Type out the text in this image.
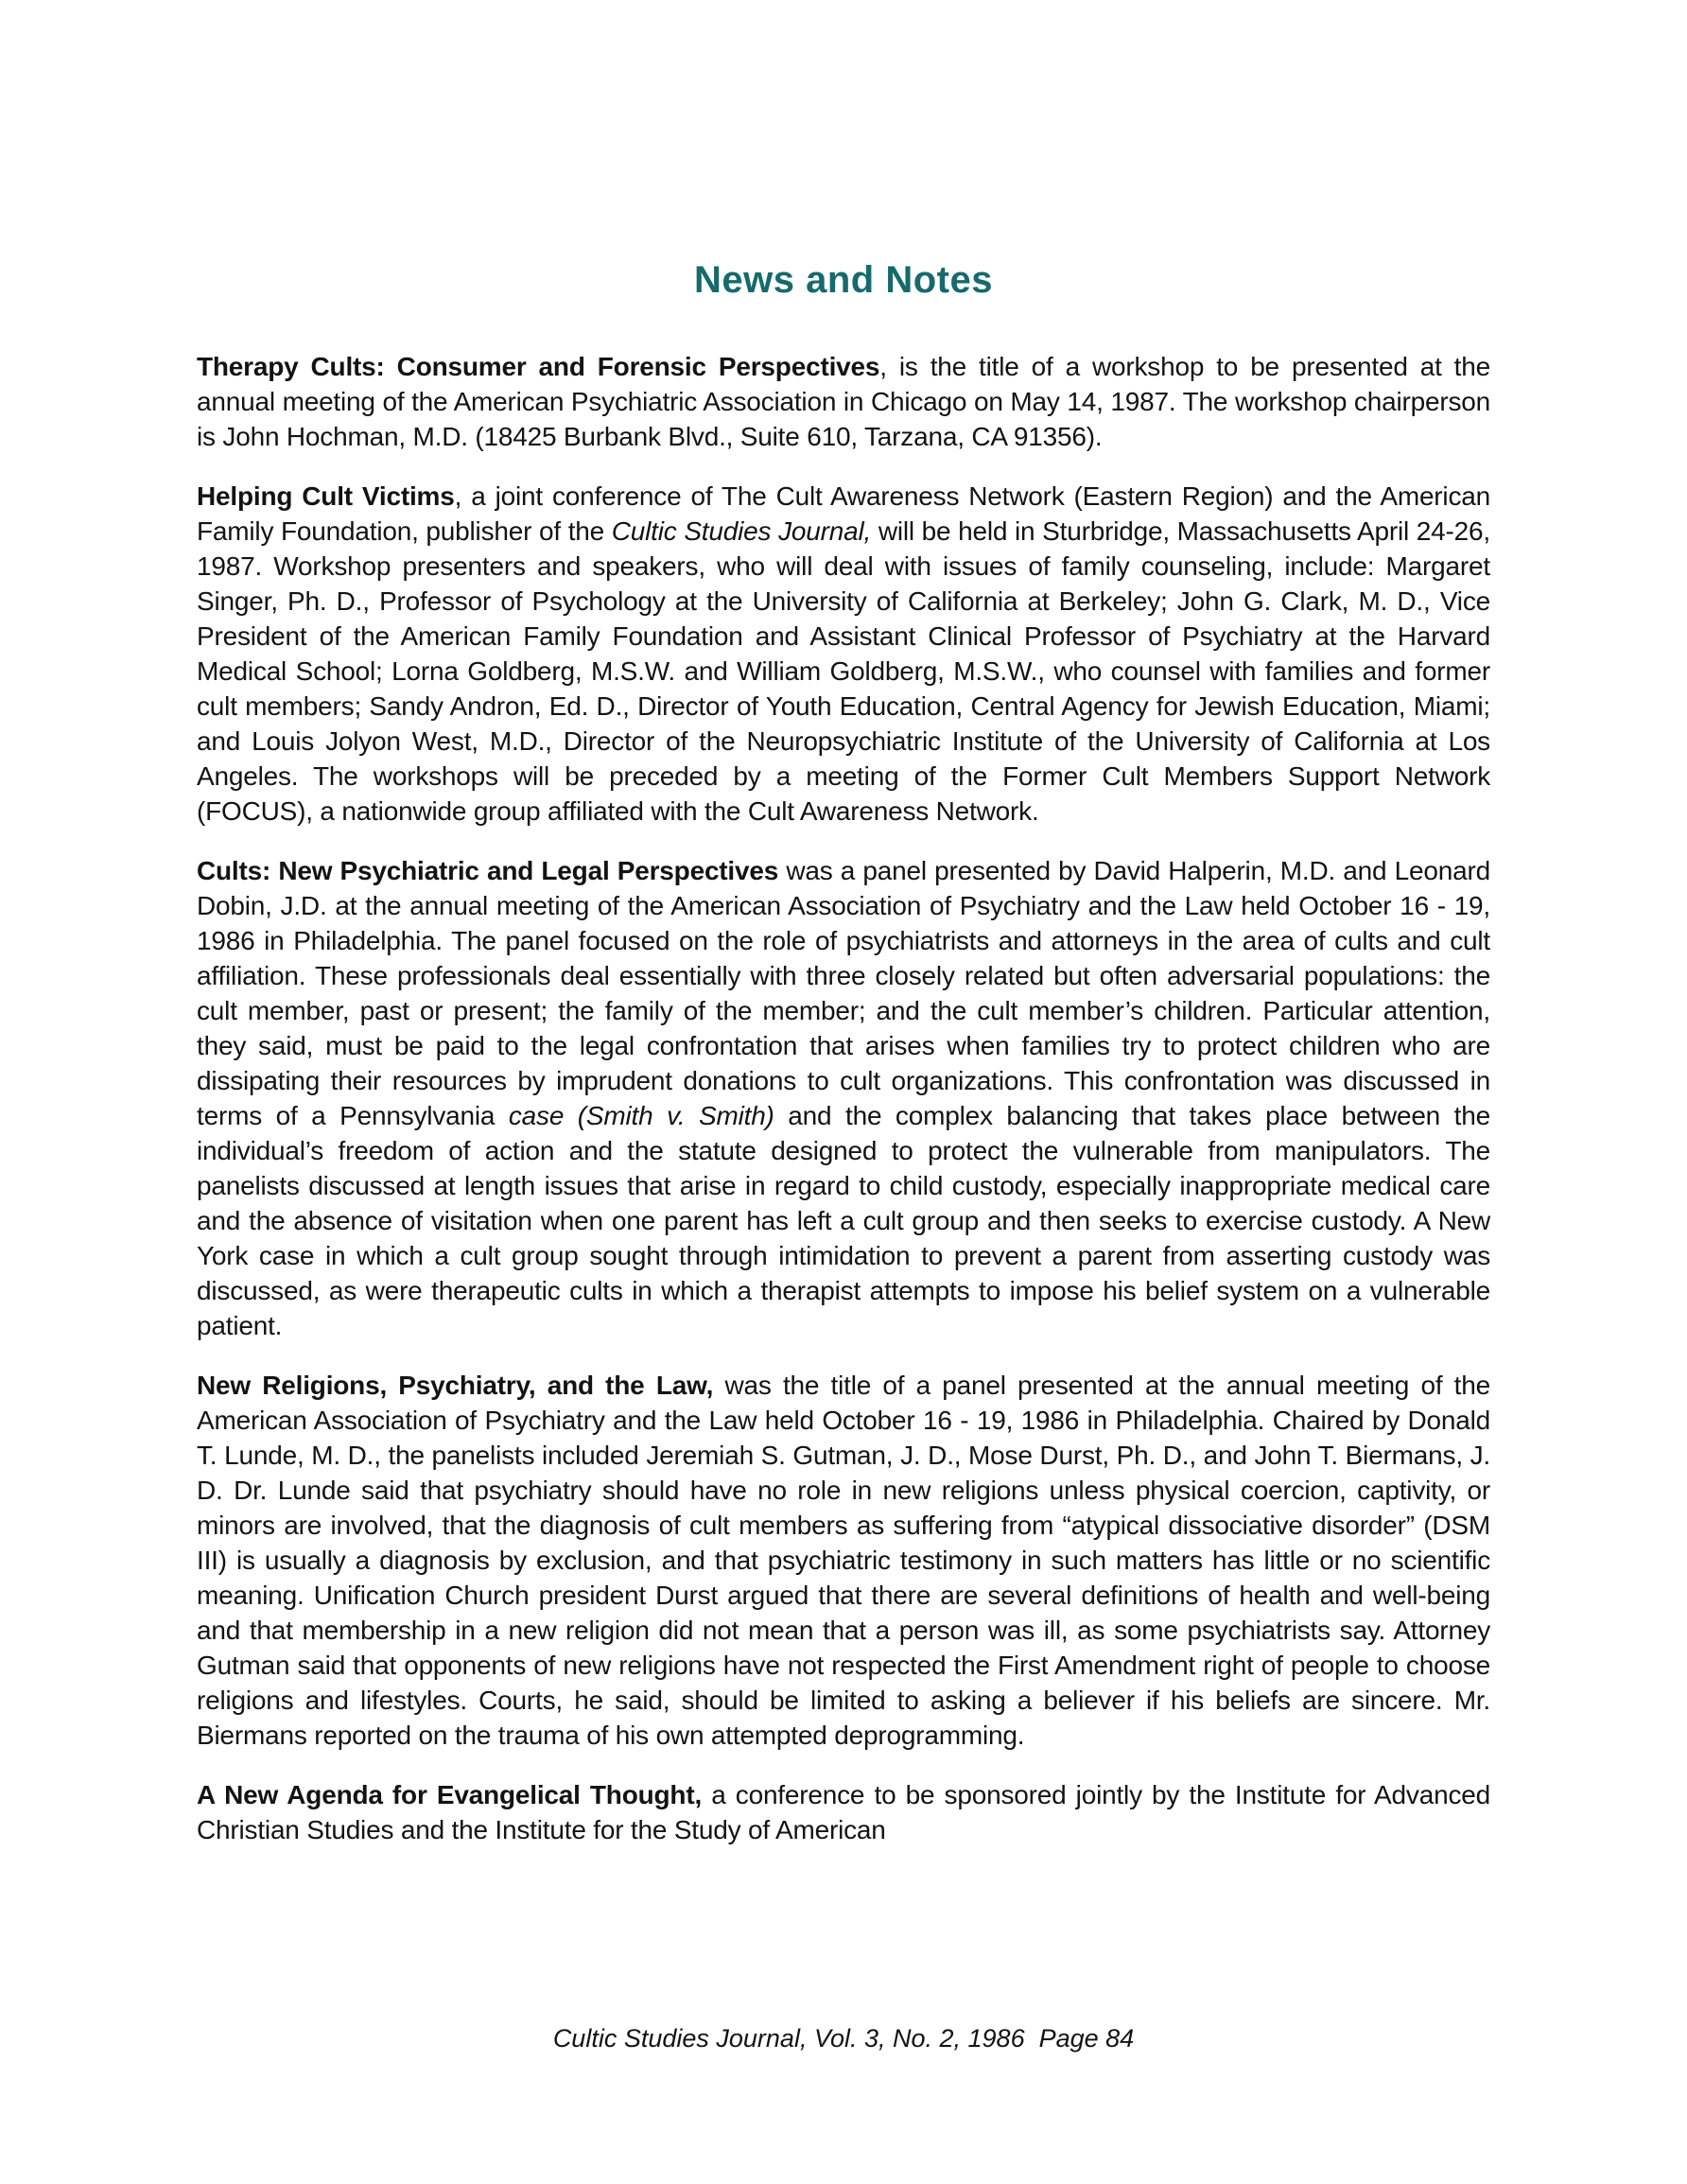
News and Notes

Therapy Cults: Consumer and Forensic Perspectives, is the title of a workshop to be presented at the annual meeting of the American Psychiatric Association in Chicago on May 14, 1987. The workshop chairperson is John Hochman, M.D. (18425 Burbank Blvd., Suite 610, Tarzana, CA 91356).

Helping Cult Victims, a joint conference of The Cult Awareness Network (Eastern Region) and the American Family Foundation, publisher of the Cultic Studies Journal, will be held in Sturbridge, Massachusetts April 24-26, 1987. Workshop presenters and speakers, who will deal with issues of family counseling, include: Margaret Singer, Ph. D., Professor of Psychology at the University of California at Berkeley; John G. Clark, M. D., Vice President of the American Family Foundation and Assistant Clinical Professor of Psychiatry at the Harvard Medical School; Lorna Goldberg, M.S.W. and William Goldberg, M.S.W., who counsel with families and former cult members; Sandy Andron, Ed. D., Director of Youth Education, Central Agency for Jewish Education, Miami; and Louis Jolyon West, M.D., Director of the Neuropsychiatric Institute of the University of California at Los Angeles. The workshops will be preceded by a meeting of the Former Cult Members Support Network (FOCUS), a nationwide group affiliated with the Cult Awareness Network.

Cults: New Psychiatric and Legal Perspectives was a panel presented by David Halperin, M.D. and Leonard Dobin, J.D. at the annual meeting of the American Association of Psychiatry and the Law held October 16 - 19, 1986 in Philadelphia. The panel focused on the role of psychiatrists and attorneys in the area of cults and cult affiliation. These professionals deal essentially with three closely related but often adversarial populations: the cult member, past or present; the family of the member; and the cult member’s children. Particular attention, they said, must be paid to the legal confrontation that arises when families try to protect children who are dissipating their resources by imprudent donations to cult organizations. This confrontation was discussed in terms of a Pennsylvania case (Smith v. Smith) and the complex balancing that takes place between the individual’s freedom of action and the statute designed to protect the vulnerable from manipulators. The panelists discussed at length issues that arise in regard to child custody, especially inappropriate medical care and the absence of visitation when one parent has left a cult group and then seeks to exercise custody. A New York case in which a cult group sought through intimidation to prevent a parent from asserting custody was discussed, as were therapeutic cults in which a therapist attempts to impose his belief system on a vulnerable patient.

New Religions, Psychiatry, and the Law, was the title of a panel presented at the annual meeting of the American Association of Psychiatry and the Law held October 16 - 19, 1986 in Philadelphia. Chaired by Donald T. Lunde, M. D., the panelists included Jeremiah S. Gutman, J. D., Mose Durst, Ph. D., and John T. Biermans, J. D. Dr. Lunde said that psychiatry should have no role in new religions unless physical coercion, captivity, or minors are involved, that the diagnosis of cult members as suffering from “atypical dissociative disorder” (DSM III) is usually a diagnosis by exclusion, and that psychiatric testimony in such matters has little or no scientific meaning. Unification Church president Durst argued that there are several definitions of health and well-being and that membership in a new religion did not mean that a person was ill, as some psychiatrists say. Attorney Gutman said that opponents of new religions have not respected the First Amendment right of people to choose religions and lifestyles. Courts, he said, should be limited to asking a believer if his beliefs are sincere. Mr. Biermans reported on the trauma of his own attempted deprogramming.

A New Agenda for Evangelical Thought, a conference to be sponsored jointly by the Institute for Advanced Christian Studies and the Institute for the Study of American

Cultic Studies Journal, Vol. 3, No. 2, 1986  Page 84
